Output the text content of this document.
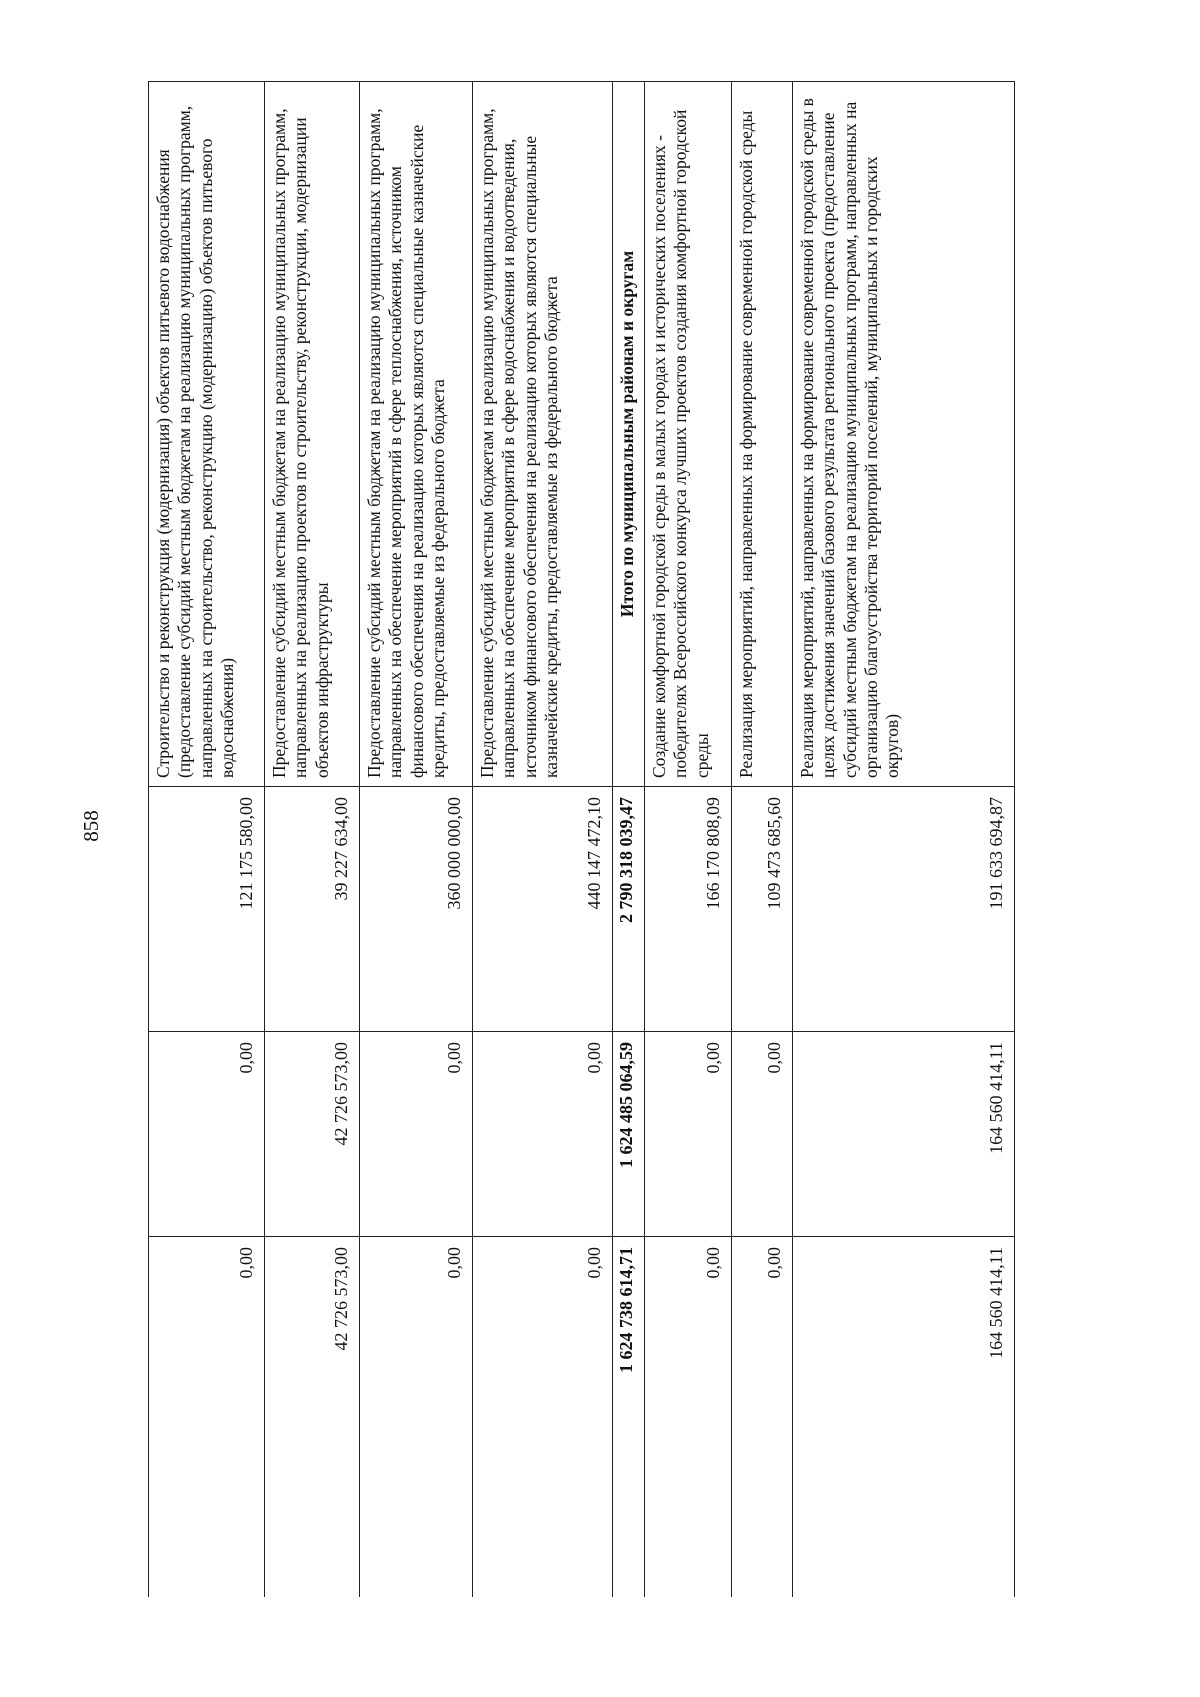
858
Строительство и реконструкция (модернизация) объектов питьевого водоснабжения (предоставление субсидий местным бюджетам на реализацию муниципальных программ, направленных на строительство, реконструкцию (модернизацию) объектов питьевого водоснабжения)
121 175 580,00
0,00
0,00
Предоставление субсидий местным бюджетам на реализацию муниципальных программ, направленных на реализацию проектов по строительству, реконструкции, модернизации объектов инфраструктуры
39 227 634,00
42 726 573,00
42 726 573,00
Предоставление субсидий местным бюджетам на реализацию муниципальных программ, направленных на обеспечение мероприятий в сфере теплоснабжения, источником финансового обеспечения на реализацию которых являются специальные казначейские кредиты, предоставляемые из федерального бюджета
360 000 000,00
0,00
0,00
Предоставление субсидий местным бюджетам на реализацию муниципальных программ, направленных на обеспечение мероприятий в сфере водоснабжения и водоотведения, источником финансового обеспечения на реализацию которых являются специальные казначейские кредиты, предоставляемые из федерального бюджета
440 147 472,10
0,00
0,00
Итого по муниципальным районам и округам
2 790 318 039,47
1 624 485 064,59
1 624 738 614,71
Создание комфортной городской среды в малых городах и исторических поселениях - победителях Всероссийского конкурса лучших проектов создания комфортной городской среды
166 170 808,09
0,00
0,00
Реализация мероприятий, направленных на формирование современной городской среды
109 473 685,60
0,00
0,00
Реализация мероприятий, направленных на формирование современной городской среды в целях достижения значений базового результата регионального проекта (предоставление субсидий местным бюджетам на реализацию муниципальных программ, направленных на организацию благоустройства территорий поселений, муниципальных и городских округов)
191 633 694,87
164 560 414,11
164 560 414,11
